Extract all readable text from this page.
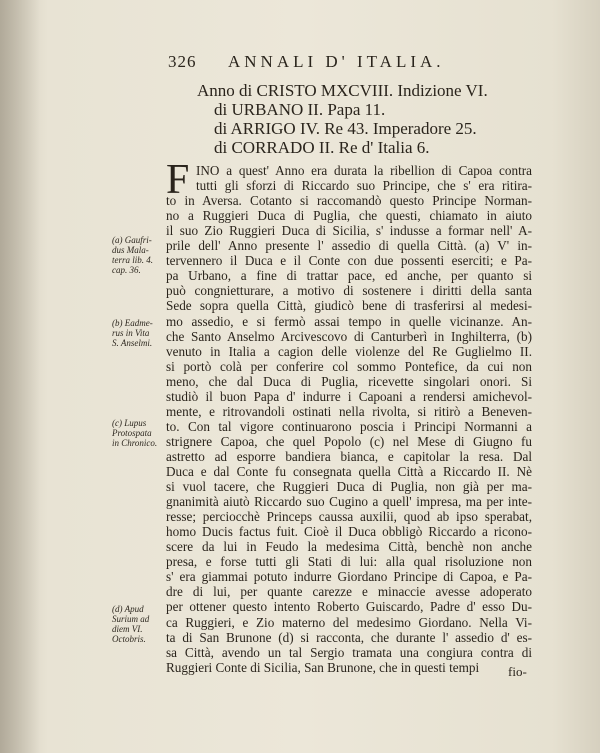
326 ANNALI D' ITALIA.
Anno di CRISTO MXCVIII. Indizione VI.
di URBANO II. Papa 11.
di ARRIGO IV. Re 43. Imperadore 25.
di CORRADO II. Re d' Italia 6.
F INO a quest' Anno era durata la ribellion di Capoa contra
tutti gli sforzi di Riccardo suo Principe, che s' era ritira-
to in Aversa. Cotanto si raccomandò questo Principe Norman-
no a Ruggieri Duca di Puglia, che questi, chiamato in aiuto
il suo Zio Ruggieri Duca di Sicilia, s' indusse a formar nell' A-
prile dell' Anno presente l' assedio di quella Città. (a) V' in-
tervennero il Duca e il Conte con due possenti eserciti; e Pa-
pa Urbano, a fine di trattar pace, ed anche, per quanto si
può congnietturare, a motivo di sostenere i diritti della santa
Sede sopra quella Città, giudicò bene di trasferirsi al medesi-
mo assedio, e si fermò assai tempo in quelle vicinanze. An-
che Santo Anselmo Arcivescovo di Canturberì in Inghilterra, (b)
venuto in Italia a cagion delle violenze del Re Guglielmo II.
si portò colà per conferire col sommo Pontefice, da cui non
meno, che dal Duca di Puglia, ricevette singolari onori. Si
studiò il buon Papa d' indurre i Capoani a rendersi amichevol-
mente, e ritrovandoli ostinati nella rivolta, si ritirò a Beneven-
to. Con tal vigore continuarono poscia i Principi Normanni a
strignere Capoa, che quel Popolo (c) nel Mese di Giugno fu
astretto ad esporre bandiera bianca, e capitolar la resa. Dal
Duca e dal Conte fu consegnata quella Città a Riccardo II. Nè
si vuol tacere, che Ruggieri Duca di Puglia, non già per ma-
gnanimità aiutò Riccardo suo Cugino a quell' impresa, ma per inte-
resse; perciocchè Princeps caussa auxilii, quod ab ipso sperabat,
homo Ducis factus fuit. Cioè il Duca obbligò Riccardo a ricono-
scere da lui in Feudo la medesima Città, benchè non anche
presa, e forse tutti gli Stati di lui: alla qual risoluzione non
s' era giammai potuto indurre Giordano Principe di Capoa, e Pa-
dre di lui, per quante carezze e minaccie avesse adoperato
per ottener questo intento Roberto Guiscardo, Padre d' esso Du-
ca Ruggieri, e Zio materno del medesimo Giordano. Nella Vi-
ta di San Brunone (d) si racconta, che durante l' assedio d' es-
sa Città, avendo un tal Sergio tramata una congiura contra di
Ruggieri Conte di Sicilia, San Brunone, che in questi tempi
(a) Gaufri-
dus Mala-
terra lib. 4.
cap. 36.
(b) Eadme-
rus in Vita
S. Anselmi.
(c) Lupus
Protospata
in Chronico.
(d) Apud
Surium ad
diem VI.
Octobris.
fio-
